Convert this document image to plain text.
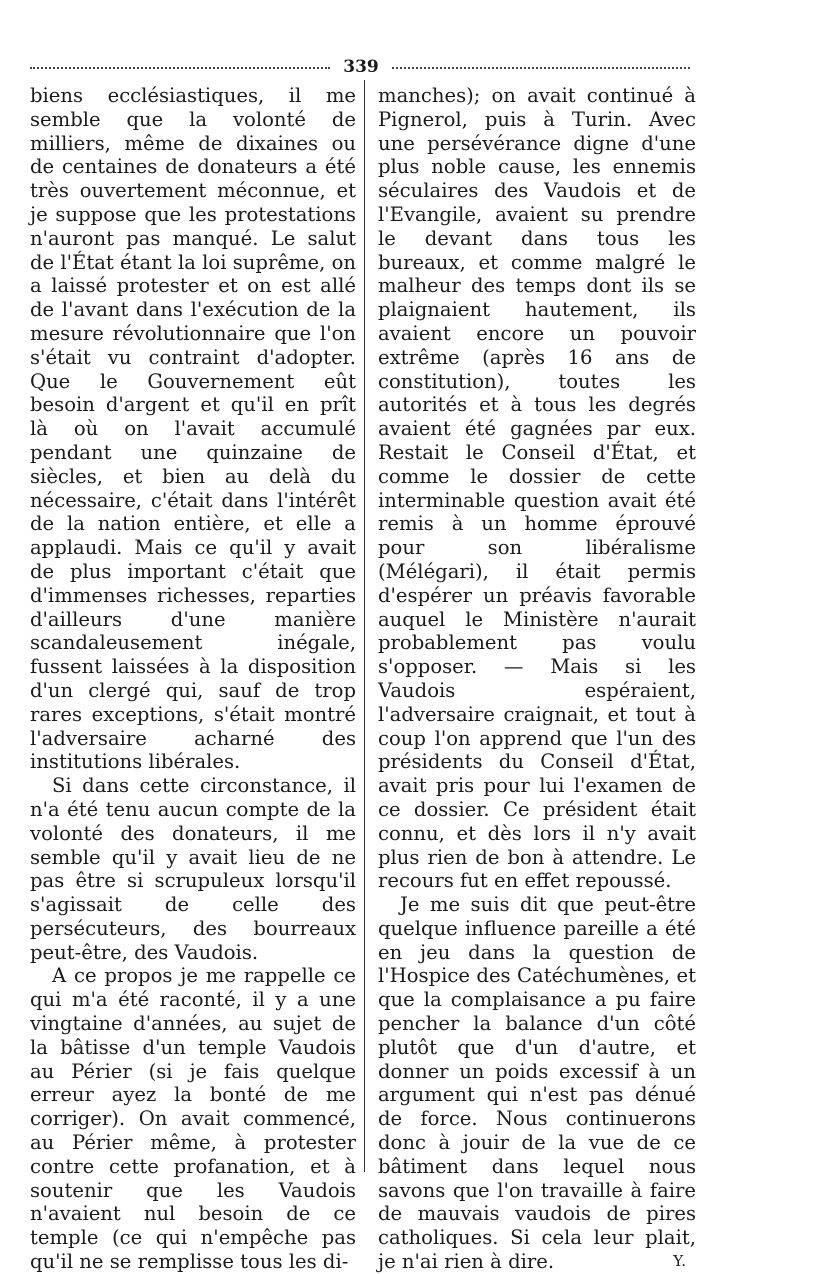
339

biens ecclésiastiques, il me semble que la volonté de milliers, même de dixaines ou de centaines de donateurs a été très ouvertement méconnue, et je suppose que les protestations n'auront pas manqué. Le salut de l'État étant la loi suprême, on a laissé protester et on est allé de l'avant dans l'exécution de la mesure révolutionnaire que l'on s'était vu contraint d'adopter. Que le Gouvernement eût besoin d'argent et qu'il en prît là où on l'avait accumulé pendant une quinzaine de siècles, et bien au delà du nécessaire, c'était dans l'intérêt de la nation entière, et elle a applaudi. Mais ce qu'il y avait de plus important c'était que d'immenses richesses, reparties d'ailleurs d'une manière scandaleusement inégale, fussent laissées à la disposition d'un clergé qui, sauf de trop rares exceptions, s'était montré l'adversaire acharné des institutions libérales.

Si dans cette circonstance, il n'a été tenu aucun compte de la volonté des donateurs, il me semble qu'il y avait lieu de ne pas être si scrupuleux lorsqu'il s'agissait de celle des persécuteurs, des bourreaux peut-être, des Vaudois.

A ce propos je me rappelle ce qui m'a été raconté, il y a une vingtaine d'années, au sujet de la bâtisse d'un temple Vaudois au Périer (si je fais quelque erreur ayez la bonté de me corriger). On avait commencé, au Périer même, à protester contre cette profanation, et à soutenir que les Vaudois n'avaient nul besoin de ce temple (ce qui n'empêche pas qu'il ne se remplisse tous les di-

manches); on avait continué à Pignerol, puis à Turin. Avec une persévérance digne d'une plus noble cause, les ennemis séculaires des Vaudois et de l'Evangile, avaient su prendre le devant dans tous les bureaux, et comme malgré le malheur des temps dont ils se plaignaient hautement, ils avaient encore un pouvoir extrême (après 16 ans de constitution), toutes les autorités et à tous les degrés avaient été gagnées par eux. Restait le Conseil d'État, et comme le dossier de cette interminable question avait été remis à un homme éprouvé pour son libéralisme (Mélégari), il était permis d'espérer un préavis favorable auquel le Ministère n'aurait probablement pas voulu s'opposer. — Mais si les Vaudois espéraient, l'adversaire craignait, et tout à coup l'on apprend que l'un des présidents du Conseil d'État, avait pris pour lui l'examen de ce dossier. Ce président était connu, et dès lors il n'y avait plus rien de bon à attendre. Le recours fut en effet repoussé.

Je me suis dit que peut-être quelque influence pareille a été en jeu dans la question de l'Hospice des Catéchumènes, et que la complaisance a pu faire pencher la balance d'un côté plutôt que d'un d'autre, et donner un poids excessif à un argument qui n'est pas dénué de force. Nous continuerons donc à jouir de la vue de ce bâtiment dans lequel nous savons que l'on travaille à faire de mauvais vaudois de pires catholiques. Si cela leur plait, je n'ai rien à dire.	Y.
